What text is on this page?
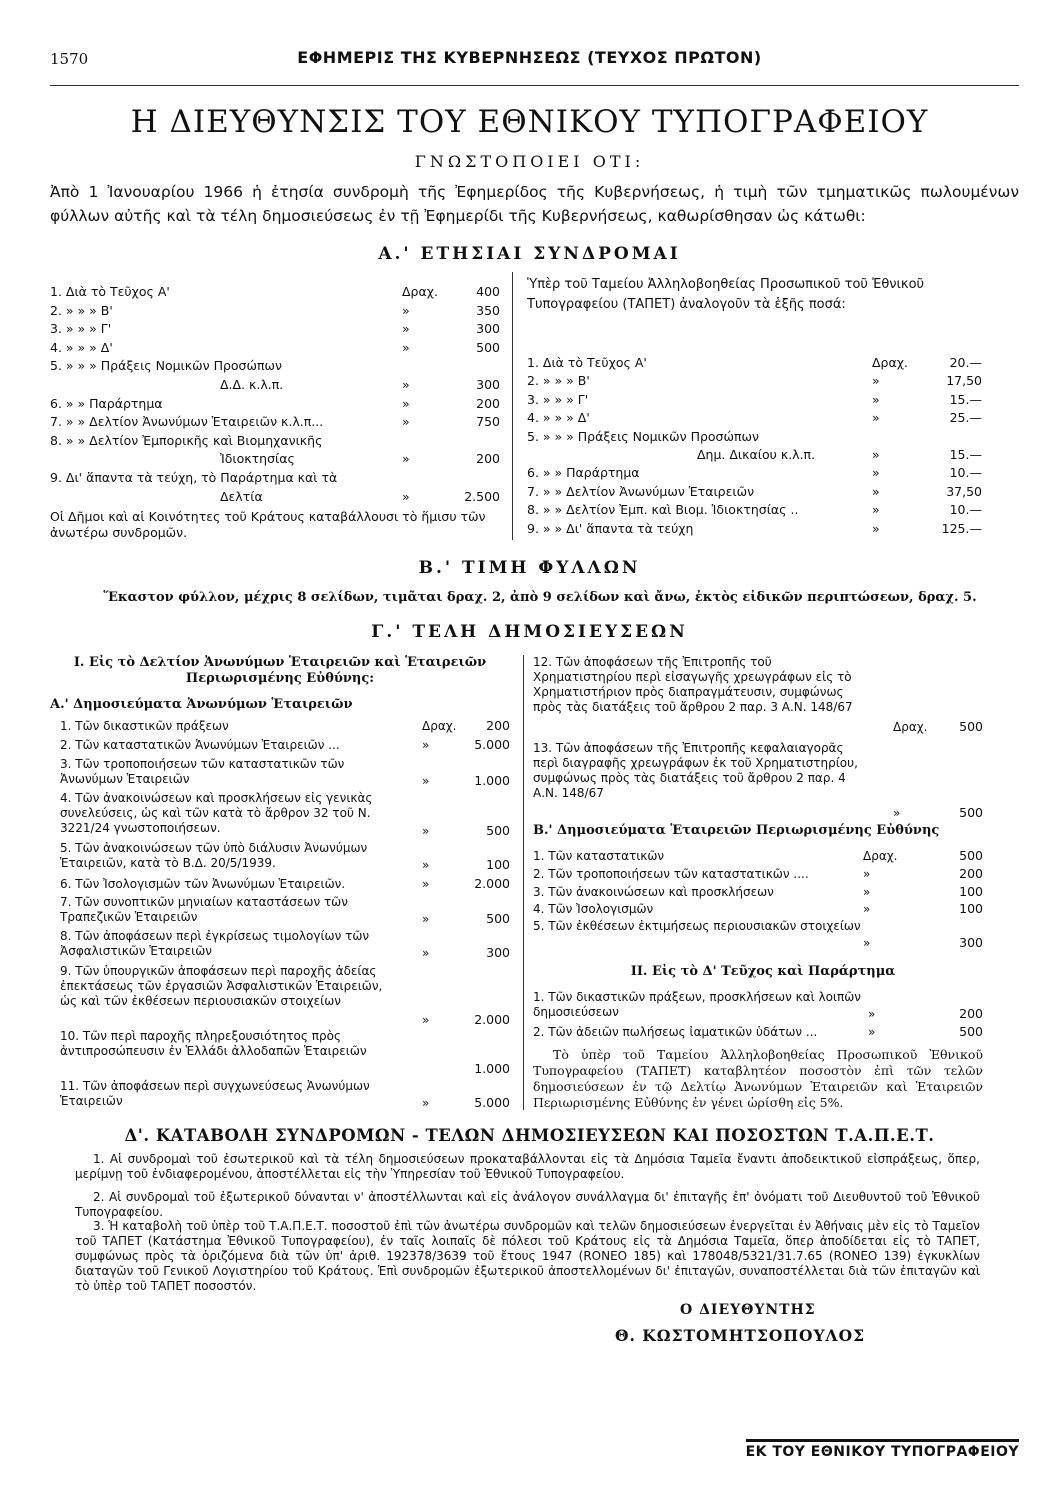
1570	ΕΦΗΜΕΡΙΣ ΤΗΣ ΚΥΒΕΡΝΗΣΕΩΣ (ΤΕΥΧΟΣ ΠΡΩΤΟΝ)
Η ΔΙΕΥΘΥΝΣΙΣ ΤΟΥ ΕΘΝΙΚΟΥ ΤΥΠΟΓΡΑΦΕΙΟΥ
ΓΝΩΣΤΟΠΟΙΕΙ ΟΤΙ:
Ἀπὸ 1 Ἰανουαρίου 1966 ἡ ἐτησία συνδρομὴ τῆς Ἐφημερίδος τῆς Κυβερνήσεως, ἡ τιμὴ τῶν τμηματικῶς πωλουμένων φύλλων αὐτῆς καὶ τὰ τέλη δημοσιεύσεως ἐν τῇ Ἐφημερίδι τῆς Κυβερνήσεως, καθωρίσθησαν ὡς κάτωθι:
Α.' ΕΤΗΣΙΑΙ ΣΥΝΔΡΟΜΑΙ
1. Διὰ τὸ Τεῦχος Α'	Δραχ.	400
2. » » » Β'	»	350
3. » » » Γ'	»	300
4. » » » Δ'	»	500
5. » » » Πράξεις Νομικῶν Προσώπων
Δ.Δ. κ.λ.π.	»	300
6. » » Παράρτημα	»	200
7. » » Δελτίον Ἀνωνύμων Ἑταιρειῶν κ.λ.π...	»	750
8. » » Δελτίον Ἐμπορικῆς καὶ Βιομηχανικῆς
Ἰδιοκτησίας	»	200
9. Δι' ἅπαντα τὰ τεύχη, τὸ Παράρτημα καὶ τὰ
Δελτία	»	2.500
Οἱ Δῆμοι καὶ αἱ Κοινότητες τοῦ Κράτους καταβάλλουσι τὸ ἥμισυ τῶν ἀνωτέρω συνδρομῶν.
Ὑπὲρ τοῦ Ταμείου Ἀλληλοβοηθείας Προσωπικοῦ τοῦ Ἐθνικοῦ Τυπογραφείου (ΤΑΠΕΤ) ἀναλογοῦν τὰ ἑξῆς ποσά:
1. Διὰ τὸ Τεῦχος Α'	Δραχ.	20.—
2. » » » Β'	»	17,50
3. » » » Γ'	»	15.—
4. » » » Δ'	»	25.—
5. » » » Πράξεις Νομικῶν Προσώπων
Δημ. Δικαίου κ.λ.π.	»	15.—
6. » » Παράρτημα	»	10.—
7. » » Δελτίον Ἀνωνύμων Ἑταιρειῶν	»	37,50
8. » » Δελτίον Ἐμπ. καὶ Βιομ. Ἰδιοκτησίας ..	»	10.—
9. » » Δι' ἅπαντα τὰ τεύχη	»	125.—
Β.' ΤΙΜΗ ΦΥΛΛΩΝ
Ἕκαστον φύλλον, μέχρις 8 σελίδων, τιμᾶται δραχ. 2, ἀπὸ 9 σελίδων καὶ ἄνω, ἐκτὸς εἰδικῶν περιπτώσεων, δραχ. 5.
Γ.' ΤΕΛΗ ΔΗΜΟΣΙΕΥΣΕΩΝ
I. Εἰς τὸ Δελτίον Ἀνωνύμων Ἑταιρειῶν καὶ Ἑταιρειῶν Περιωρισμένης Εὐθύνης:
Α.' Δημοσιεύματα Ἀνωνύμων Ἑταιρειῶν
1. Τῶν δικαστικῶν πράξεων	Δραχ.	200
2. Τῶν καταστατικῶν Ἀνωνύμων Ἑταιρειῶν ...	»	5.000
3. Τῶν τροποποιήσεων τῶν καταστατικῶν τῶν Ἀνωνύμων Ἑταιρειῶν	»	1.000
4. Τῶν ἀνακοινώσεων καὶ προσκλήσεων εἰς γενικὰς συνελεύσεις, ὡς καὶ τῶν κατὰ τὸ ἄρθρον 32 τοῦ Ν. 3221/24 γνωστοποιήσεων.	»	500
5. Τῶν ἀνακοινώσεων τῶν ὑπὸ διάλυσιν Ἀνωνύμων Ἑταιρειῶν, κατὰ τὸ Β.Δ. 20/5/1939.	»	100
6. Τῶν Ἰσολογισμῶν τῶν Ἀνωνύμων Ἑταιρειῶν.	»	2.000
7. Τῶν συνοπτικῶν μηνιαίων καταστάσεων τῶν Τραπεζικῶν Ἑταιρειῶν	»	500
8. Τῶν ἀποφάσεων περὶ ἐγκρίσεως τιμολογίων τῶν Ἀσφαλιστικῶν Ἑταιρειῶν	»	300
9. Τῶν ὑπουργικῶν ἀποφάσεων περὶ παροχῆς ἀδείας ἐπεκτάσεως τῶν ἐργασιῶν Ἀσφαλιστικῶν Ἑταιρειῶν, ὡς καὶ τῶν ἐκθέσεων περιουσιακῶν στοιχείων
»	2.000
10. Τῶν περὶ παροχῆς πληρεξουσιότητος πρὸς ἀντιπροσώπευσιν ἐν Ἑλλάδι ἀλλοδαπῶν Ἑταιρειῶν
1.000
11. Τῶν ἀποφάσεων περὶ συγχωνεύσεως Ἀνωνύμων Ἑταιρειῶν	»	5.000
12. Τῶν ἀποφάσεων τῆς Ἐπιτροπῆς τοῦ Χρηματιστηρίου περὶ εἰσαγωγῆς χρεωγράφων εἰς τὸ Χρηματιστήριον πρὸς διαπραγμάτευσιν, συμφώνως πρὸς τὰς διατάξεις τοῦ ἄρθρου 2 παρ. 3 Α.Ν. 148/67
Δραχ.	500
13. Τῶν ἀποφάσεων τῆς Ἐπιτροπῆς κεφαλαιαγορᾶς περὶ διαγραφῆς χρεωγράφων ἐκ τοῦ Χρηματιστηρίου, συμφώνως πρὸς τὰς διατάξεις τοῦ ἄρθρου 2 παρ. 4 Α.Ν. 148/67
»	500
Β.' Δημοσιεύματα Ἑταιρειῶν Περιωρισμένης Εὐθύνης
1. Τῶν καταστατικῶν	Δραχ.	500
2. Τῶν τροποποιήσεων τῶν καταστατικῶν ....	»	200
3. Τῶν ἀνακοινώσεων καὶ προσκλήσεων	»	100
4. Τῶν Ἰσολογισμῶν	»	100
5. Τῶν ἐκθέσεων ἐκτιμήσεως περιουσιακῶν στοιχείων
»	300
II. Εἰς τὸ Δ' Τεῦχος καὶ Παράρτημα
1. Τῶν δικαστικῶν πράξεων, προσκλήσεων καὶ λοιπῶν δημοσιεύσεων	»	200
2. Τῶν ἀδειῶν πωλήσεως ἰαματικῶν ὑδάτων ...	»	500
Τὸ ὑπὲρ τοῦ Ταμείου Ἀλληλοβοηθείας Προσωπικοῦ Ἐθνικοῦ Τυπογραφείου (ΤΑΠΕΤ) καταβλητέον ποσοστὸν ἐπὶ τῶν τελῶν δημοσιεύσεων ἐν τῷ Δελτίῳ Ἀνωνύμων Ἑταιρειῶν καὶ Ἑταιρειῶν Περιωρισμένης Εὐθύνης ἐν γένει ὡρίσθη εἰς 5%.
Δ'. ΚΑΤΑΒΟΛΗ ΣΥΝΔΡΟΜΩΝ - ΤΕΛΩΝ ΔΗΜΟΣΙΕΥΣΕΩΝ ΚΑΙ ΠΟΣΟΣΤΩΝ Τ.Α.Π.Ε.Τ.
1. Αἱ συνδρομαὶ τοῦ ἐσωτερικοῦ καὶ τὰ τέλη δημοσιεύσεων προκαταβάλλονται εἰς τὰ Δημόσια Ταμεῖα ἔναντι ἀποδεικτικοῦ εἰσπράξεως, ὅπερ, μερίμνῃ τοῦ ἐνδιαφερομένου, ἀποστέλλεται εἰς τὴν Ὑπηρεσίαν τοῦ Ἐθνικοῦ Τυπογραφείου.
2. Αἱ συνδρομαὶ τοῦ ἐξωτερικοῦ δύνανται ν' ἀποστέλλωνται καὶ εἰς ἀνάλογον συνάλλαγμα δι' ἐπιταγῆς ἐπ' ὀνόματι τοῦ Διευθυντοῦ τοῦ Ἐθνικοῦ Τυπογραφείου.
3. Ἡ καταβολὴ τοῦ ὑπὲρ τοῦ Τ.Α.Π.Ε.Τ. ποσοστοῦ ἐπὶ τῶν ἀνωτέρω συνδρομῶν καὶ τελῶν δημοσιεύσεων ἐνεργεῖται ἐν Ἀθήναις μὲν εἰς τὸ Ταμεῖον τοῦ ΤΑΠΕΤ (Κατάστημα Ἐθνικοῦ Τυπογραφείου), ἐν ταῖς λοιπαῖς δὲ πόλεσι τοῦ Κράτους εἰς τὰ Δημόσια Ταμεῖα, ὅπερ ἀποδίδεται εἰς τὸ ΤΑΠΕΤ, συμφώνως πρὸς τὰ ὁριζόμενα διὰ τῶν ὑπ' ἀριθ. 192378/3639 τοῦ ἔτους 1947 (RONEO 185) καὶ 178048/5321/31.7.65 (RONEO 139) ἐγκυκλίων διαταγῶν τοῦ Γενικοῦ Λογιστηρίου τοῦ Κράτους. Ἐπὶ συνδρομῶν ἐξωτερικοῦ ἀποστελλομένων δι' ἐπιταγῶν, συναποστέλλεται διὰ τῶν ἐπιταγῶν καὶ τὸ ὑπὲρ τοῦ ΤΑΠΕΤ ποσοστόν.
Ο ΔΙΕΥΘΥΝΤΗΣ
Θ. ΚΩΣΤΟΜΗΤΣΟΠΟΥΛΟΣ
ΕΚ ΤΟΥ ΕΘΝΙΚΟΥ ΤΥΠΟΓΡΑΦΕΙΟΥ
